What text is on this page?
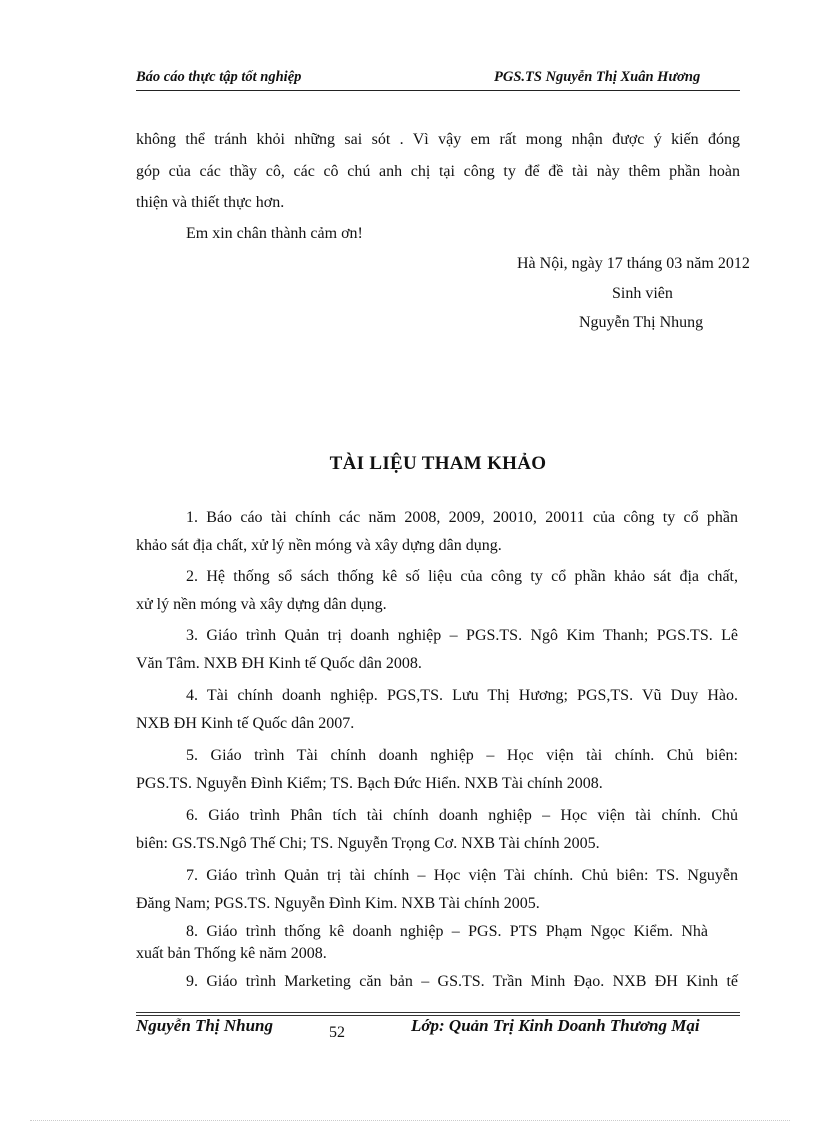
Báo cáo thực tập tốt nghiệp	PGS.TS Nguyễn Thị Xuân Hương
không thể tránh khỏi những sai sót . Vì vậy em rất mong nhận được ý kiến đóng
góp của các thầy cô, các cô chú anh chị tại công ty để đề tài này thêm phần hoàn
thiện và thiết thực hơn.
Em xin chân thành cảm ơn!
Hà Nội, ngày 17 tháng 03 năm 2012
Sinh viên
Nguyễn Thị Nhung
TÀI LIỆU THAM KHẢO
1. Báo cáo tài chính các năm 2008, 2009, 20010, 20011 của công ty cổ phần
khảo sát địa chất, xử lý nền móng và xây dựng dân dụng.
2. Hệ thống sổ sách thống kê số liệu của công ty cổ phần khảo sát địa chất,
xử lý nền móng và xây dựng dân dụng.
3. Giáo trình Quản trị doanh nghiệp – PGS.TS. Ngô Kim Thanh; PGS.TS. Lê
Văn Tâm. NXB ĐH Kinh tế Quốc dân 2008.
4. Tài chính doanh nghiệp. PGS,TS. Lưu Thị Hương; PGS,TS. Vũ Duy Hào.
NXB ĐH Kinh tế Quốc dân 2007.
5. Giáo trình Tài chính doanh nghiệp – Học viện tài chính. Chủ biên:
PGS.TS. Nguyễn Đình Kiểm; TS. Bạch Đức Hiển. NXB Tài chính 2008.
6. Giáo trình Phân tích tài chính doanh nghiệp – Học viện tài chính. Chủ
biên: GS.TS.Ngô Thế Chi; TS. Nguyễn Trọng Cơ. NXB Tài chính 2005.
7. Giáo trình Quản trị tài chính – Học viện Tài chính. Chủ biên: TS. Nguyễn
Đăng Nam; PGS.TS. Nguyễn Đình Kim. NXB Tài chính 2005.
8. Giáo trình thống kê doanh nghiệp – PGS. PTS Phạm Ngọc Kiểm. Nhà
xuất bản Thống kê năm 2008.
9. Giáo trình Marketing căn bản – GS.TS. Trần Minh Đạo. NXB ĐH Kinh tế
Nguyễn Thị Nhung	52	Lớp: Quản Trị Kinh Doanh Thương Mại
